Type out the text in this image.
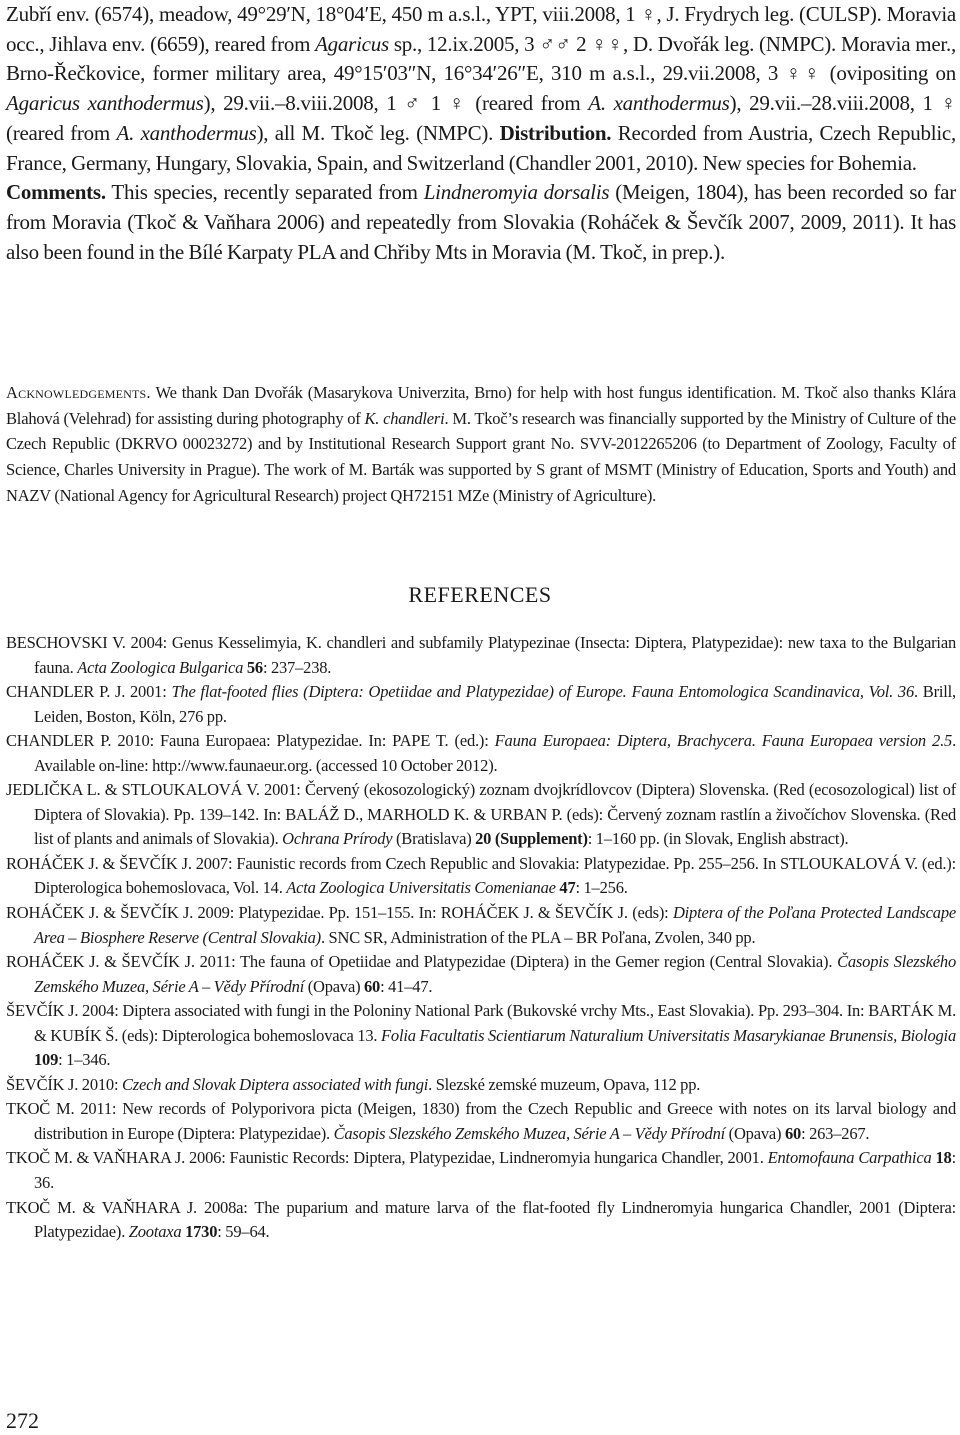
Zubří env. (6574), meadow, 49°29′N, 18°04′E, 450 m a.s.l., YPT, viii.2008, 1 ♀, J. Frydrych leg. (CULSP). Moravia occ., Jihlava env. (6659), reared from Agaricus sp., 12.ix.2005, 3 ♂♂ 2 ♀♀, D. Dvořák leg. (NMPC). Moravia mer., Brno-Řečkovice, former military area, 49°15′03″N, 16°34′26″E, 310 m a.s.l., 29.vii.2008, 3 ♀♀ (ovipositing on Agaricus xanthodermus), 29.vii.–8.viii.2008, 1 ♂ 1 ♀ (reared from A. xanthodermus), 29.vii.–28.viii.2008, 1 ♀ (reared from A. xanthodermus), all M. Tkoč leg. (NMPC). Distribution. Recorded from Austria, Czech Republic, France, Germany, Hungary, Slovakia, Spain, and Switzerland (Chandler 2001, 2010). New species for Bohemia.

Comments. This species, recently separated from Lindneromyia dorsalis (Meigen, 1804), has been recorded so far from Moravia (Tkoč & Vaňhara 2006) and repeatedly from Slovakia (Roháček & Ševčík 2007, 2009, 2011). It has also been found in the Bílé Karpaty PLA and Chřiby Mts in Moravia (M. Tkoč, in prep.).

Acknowledgements. We thank Dan Dvořák (Masarykova Univerzita, Brno) for help with host fungus identification. M. Tkoč also thanks Klára Blahová (Velehrad) for assisting during photography of K. chandleri. M. Tkoč’s research was financially supported by the Ministry of Culture of the Czech Republic (DKRVO 00023272) and by Institutional Research Support grant No. SVV-2012265206 (to Department of Zoology, Faculty of Science, Charles University in Prague). The work of M. Barták was supported by S grant of MSMT (Ministry of Education, Sports and Youth) and NAZV (National Agency for Agricultural Research) project QH72151 MZe (Ministry of Agriculture).
REFERENCES

BESCHOVSKI V. 2004: Genus Kesselimyia, K. chandleri and subfamily Platypezinae (Insecta: Diptera, Platypezidae): new taxa to the Bulgarian fauna. Acta Zoologica Bulgarica 56: 237–238.

CHANDLER P. J. 2001: The flat-footed flies (Diptera: Opetiidae and Platypezidae) of Europe. Fauna Entomologica Scandinavica, Vol. 36. Brill, Leiden, Boston, Köln, 276 pp.

CHANDLER P. 2010: Fauna Europaea: Platypezidae. In: PAPE T. (ed.): Fauna Europaea: Diptera, Brachycera. Fauna Europaea version 2.5. Available on-line: http://www.faunaeur.org. (accessed 10 October 2012).

JEDLIČKA L. & STLOUKALOVÁ V. 2001: Červený (ekosozologický) zoznam dvojkrídlovcov (Diptera) Slovenska. (Red (ecosozological) list of Diptera of Slovakia). Pp. 139–142. In: BALÁŽ D., MARHOLD K. & URBAN P. (eds): Červený zoznam rastlín a živočíchov Slovenska. (Red list of plants and animals of Slovakia). Ochrana Prírody (Bratislava) 20 (Supplement): 1–160 pp. (in Slovak, English abstract).

ROHÁČEK J. & ŠEVČÍK J. 2007: Faunistic records from Czech Republic and Slovakia: Platypezidae. Pp. 255–256. In STLOUKALOVÁ V. (ed.): Dipterologica bohemoslovaca, Vol. 14. Acta Zoologica Universitatis Comenianae 47: 1–256.

ROHÁČEK J. & ŠEVČÍK J. 2009: Platypezidae. Pp. 151–155. In: ROHÁČEK J. & ŠEVČÍK J. (eds): Diptera of the Poľana Protected Landscape Area – Biosphere Reserve (Central Slovakia). SNC SR, Administration of the PLA – BR Poľana, Zvolen, 340 pp.

ROHÁČEK J. & ŠEVČÍK J. 2011: The fauna of Opetiidae and Platypezidae (Diptera) in the Gemer region (Central Slovakia). Časopis Slezského Zemského Muzea, Série A – Vědy Přírodní (Opava) 60: 41–47.

ŠEVČÍK J. 2004: Diptera associated with fungi in the Poloniny National Park (Bukovské vrchy Mts., East Slovakia). Pp. 293–304. In: BARTÁK M. & KUBÍK Š. (eds): Dipterologica bohemoslovaca 13. Folia Facultatis Scientiarum Naturalium Universitatis Masarykianae Brunensis, Biologia 109: 1–346.

ŠEVČÍK J. 2010: Czech and Slovak Diptera associated with fungi. Slezské zemské muzeum, Opava, 112 pp.

TKOČ M. 2011: New records of Polyporivora picta (Meigen, 1830) from the Czech Republic and Greece with notes on its larval biology and distribution in Europe (Diptera: Platypezidae). Časopis Slezského Zemského Muzea, Série A – Vědy Přírodní (Opava) 60: 263–267.

TKOČ M. & VAŇHARA J. 2006: Faunistic Records: Diptera, Platypezidae, Lindneromyia hungarica Chandler, 2001. Entomofauna Carpathica 18: 36.

TKOČ M. & VAŇHARA J. 2008a: The puparium and mature larva of the flat-footed fly Lindneromyia hungarica Chandler, 2001 (Diptera: Platypezidae). Zootaxa 1730: 59–64.

272
